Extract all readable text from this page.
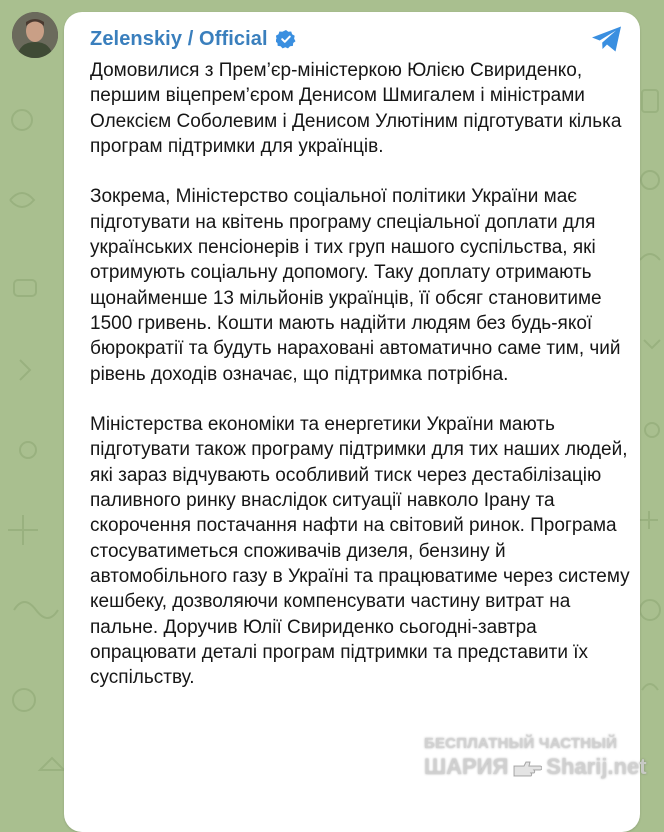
Zelenskiy / Official

Домовилися з Прем’єр-міністеркою Юлією Свириденко, першим віцепрем’єром Денисом Шмигалем і міністрами Олексієм Соболевим і Денисом Улютіним підготувати кілька програм підтримки для українців.

Зокрема, Міністерство соціальної політики України має підготувати на квітень програму спеціальної доплати для українських пенсіонерів і тих груп нашого суспільства, які отримують соціальну допомогу. Таку доплату отримають щонайменше 13 мільйонів українців, її обсяг становитиме 1500 гривень. Кошти мають надійти людям без будь-якої бюрократії та будуть нараховані автоматично саме тим, чий рівень доходів означає, що підтримка потрібна.

Міністерства економіки та енергетики України мають підготувати також програму підтримки для тих наших людей, які зараз відчувають особливий тиск через дестабілізацію паливного ринку внаслідок ситуації навколо Ірану та скорочення постачання нафти на світовий ринок. Програма стосуватиметься споживачів дизеля, бензину й автомобільного газу в Україні та працюватиме через систему кешбеку, дозволяючи компенсувати частину витрат на пальне. Доручив Юлії Свириденко сьогодні-завтра опрацювати деталі програм підтримки та представити їх суспільству.

БЕСПЛАТНЫЙ ЧАСТНЫЙ
ШАРИЯ Sharij.net
